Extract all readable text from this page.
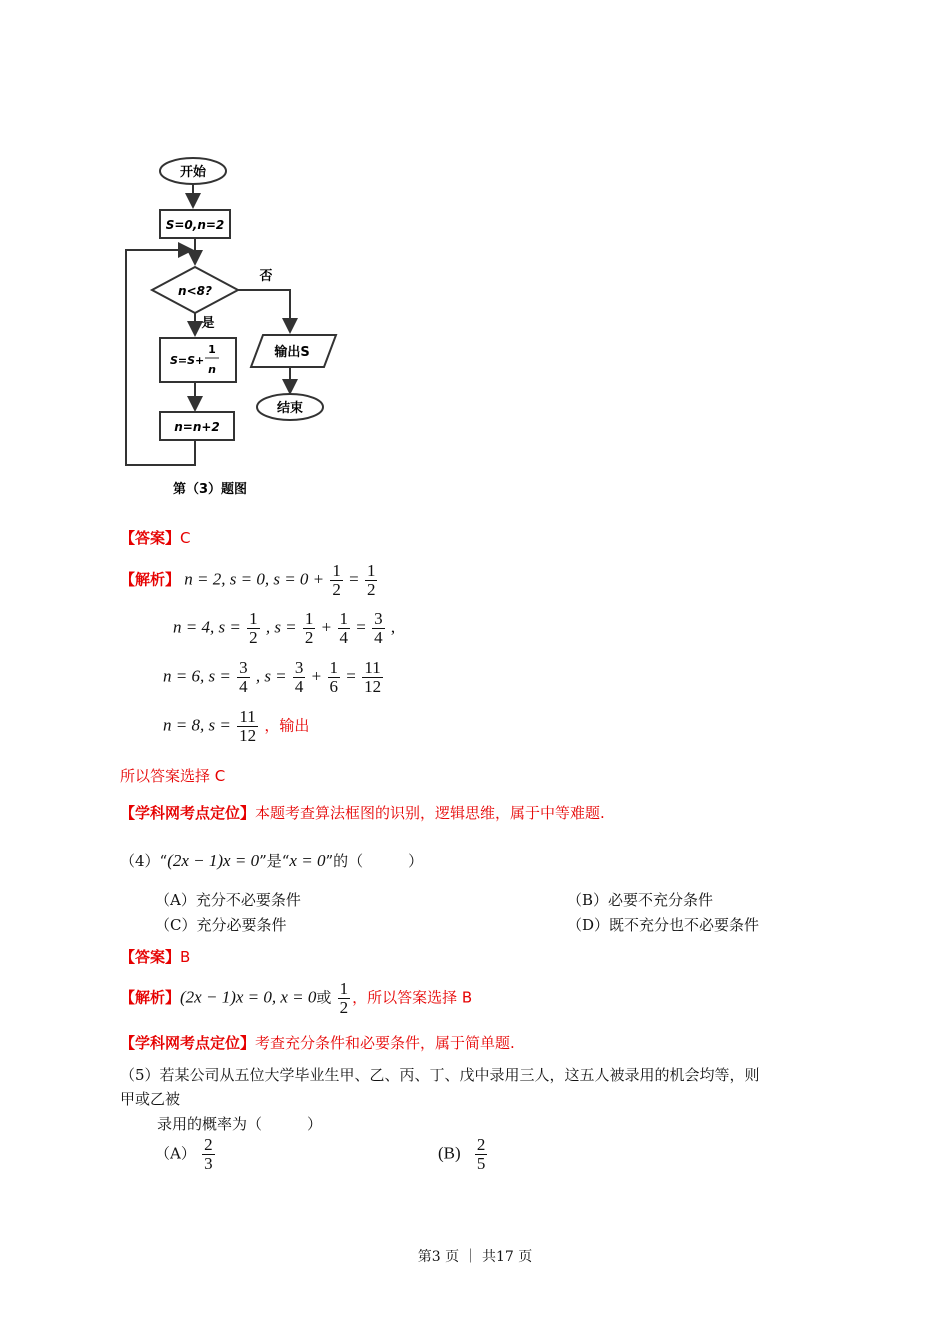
开始
S=0,n=2
n<8?
否
是
S=S+
1
n
n=n+2
输出S
结束
第（3）题图
【答案】C
【解析】 n = 2, s = 0, $s = 0 + \frac{1}{2} = \frac{1}{2}$
n = 4, $s = \frac{1}{2}$ , $s = \frac{1}{2} + \frac{1}{4} = \frac{3}{4}$ ,
n = 6, $s = \frac{3}{4}$ , $s = \frac{3}{4} + \frac{1}{6} = \frac{11}{12}$
n = 8, $s = \frac{11}{12}$ ，输出
所以答案选择 C
【学科网考点定位】本题考查算法框图的识别，逻辑思维，属于中等难题.
（4）“(2x − 1)x = 0”是“x = 0”的（　　　）
（A）充分不必要条件	（B）必要不充分条件
（C）充分必要条件	（D）既不充分也不必要条件
【答案】B
【解析】(2x − 1)x = 0, x = 0或 $\frac{1}{2}$ ，所以答案选择 B
【学科网考点定位】考查充分条件和必要条件，属于简单题.
（5）若某公司从五位大学毕业生甲、乙、丙、丁、戊中录用三人，这五人被录用的机会均等，则
甲或乙被
录用的概率为（　　　）
$(A) \frac{2}{3}$	$(B) \frac{2}{5}$
第3 页 ｜ 共17 页
